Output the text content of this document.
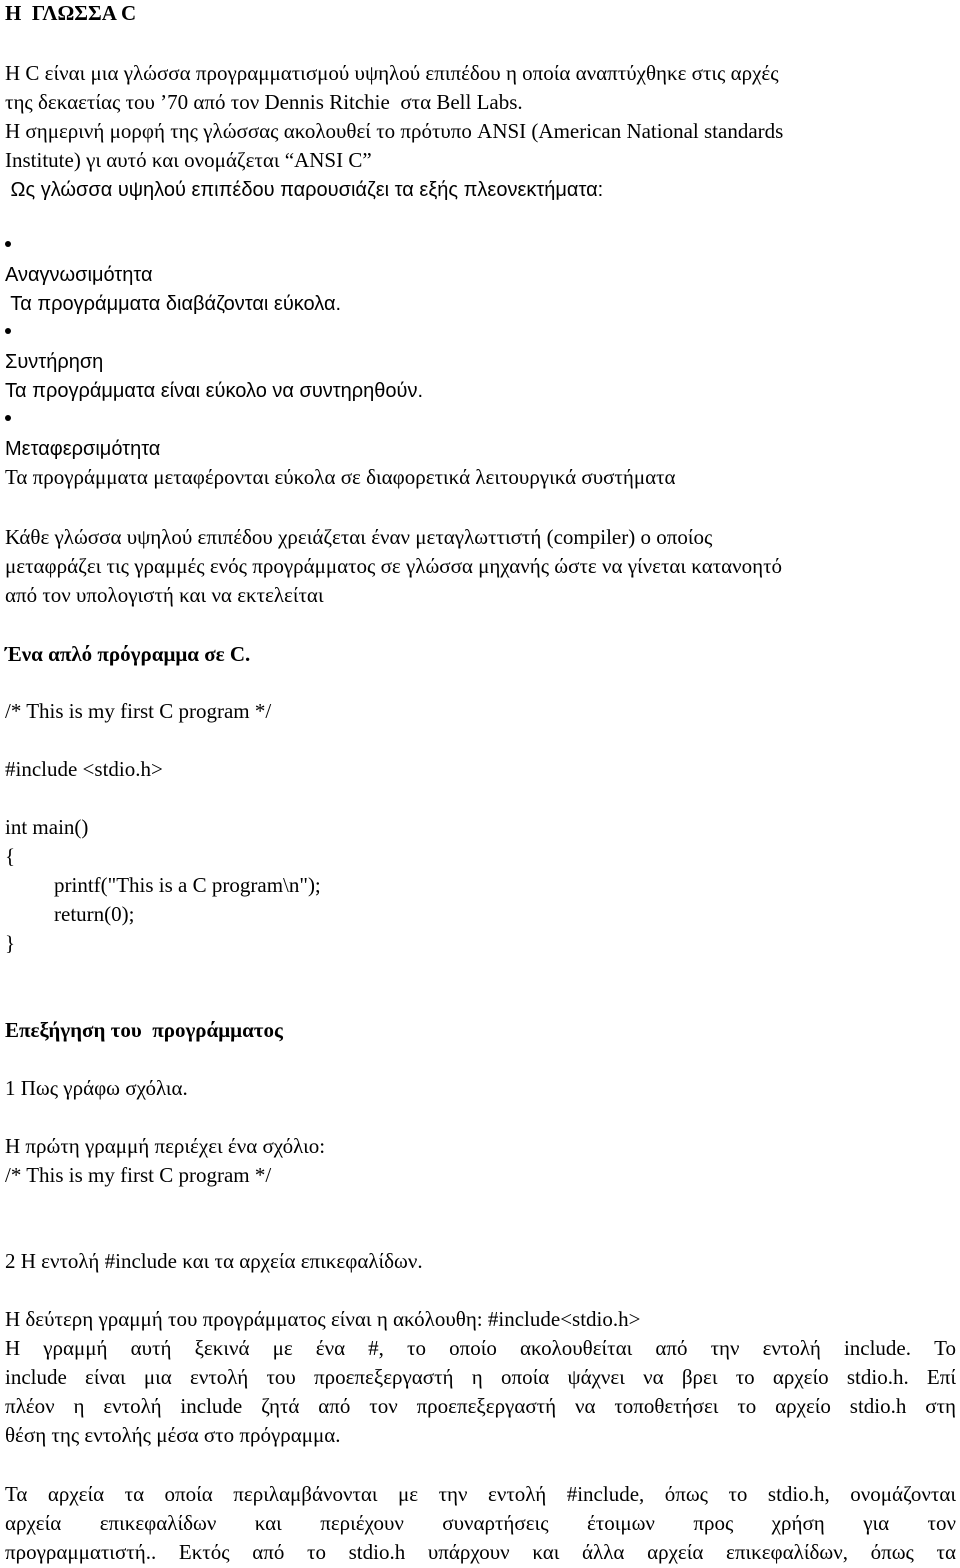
Η  ΓΛΩΣΣΑ C
Η C είναι μια γλώσσα προγραμματισμού υψηλού επιπέδου η οποία αναπτύχθηκε στις αρχές
της δεκαετίας του ’70 από τον Dennis Ritchie  στα Bell Labs.
Η σημερινή μορφή της γλώσσας ακολουθεί το πρότυπο ANSI (American National standards
Institute) γι αυτό και ονομάζεται “ANSI C”
Ως γλώσσα υψηλού επιπέδου παρουσιάζει τα εξής πλεονεκτήματα:
Αναγνωσιμότητα
Τα προγράμματα διαβάζονται εύκολα.
Συντήρηση
Τα προγράμματα είναι εύκολο να συντηρηθούν.
Μεταφερσιμότητα
Τα προγράμματα μεταφέρονται εύκολα σε διαφορετικά λειτουργικά συστήματα
Κάθε γλώσσα υψηλού επιπέδου χρειάζεται έναν μεταγλωττιστή (compiler) ο οποίος
μεταφράζει τις γραμμές ενός προγράμματος σε γλώσσα μηχανής ώστε να γίνεται κατανοητό
από τον υπολογιστή και να εκτελείται
Ένα απλό πρόγραμμα σε C.
/* This is my first C program */
#include <stdio.h>
int main()
{
printf("This is a C program\n");
return(0);
}
Επεξήγηση του  προγράμματος
1 Πως γράφω σχόλια.
Η πρώτη γραμμή περιέχει ένα σχόλιο:
/* This is my first C program */
2 Η εντολή #include και τα αρχεία επικεφαλίδων.
Η δεύτερη γραμμή του προγράμματος είναι η ακόλουθη: #include<stdio.h>
Η γραμμή αυτή ξεκινά με ένα #, το οποίο ακολουθείται από την εντολή include. Το
include είναι μια εντολή του προεπεξεργαστή η οποία ψάχνει να βρει το αρχείο stdio.h. Επί
πλέον η εντολή include ζητά από τον προεπεξεργαστή να τοποθετήσει το αρχείο stdio.h στη
θέση της εντολής μέσα στο πρόγραμμα.
Τα αρχεία τα οποία περιλαμβάνονται με την εντολή #include, όπως το stdio.h, ονομάζονται
αρχεία επικεφαλίδων και περιέχουν συναρτήσεις έτοιμων προς χρήση για τον
προγραμματιστή.. Εκτός από το stdio.h υπάρχουν και άλλα αρχεία επικεφαλίδων, όπως τα
